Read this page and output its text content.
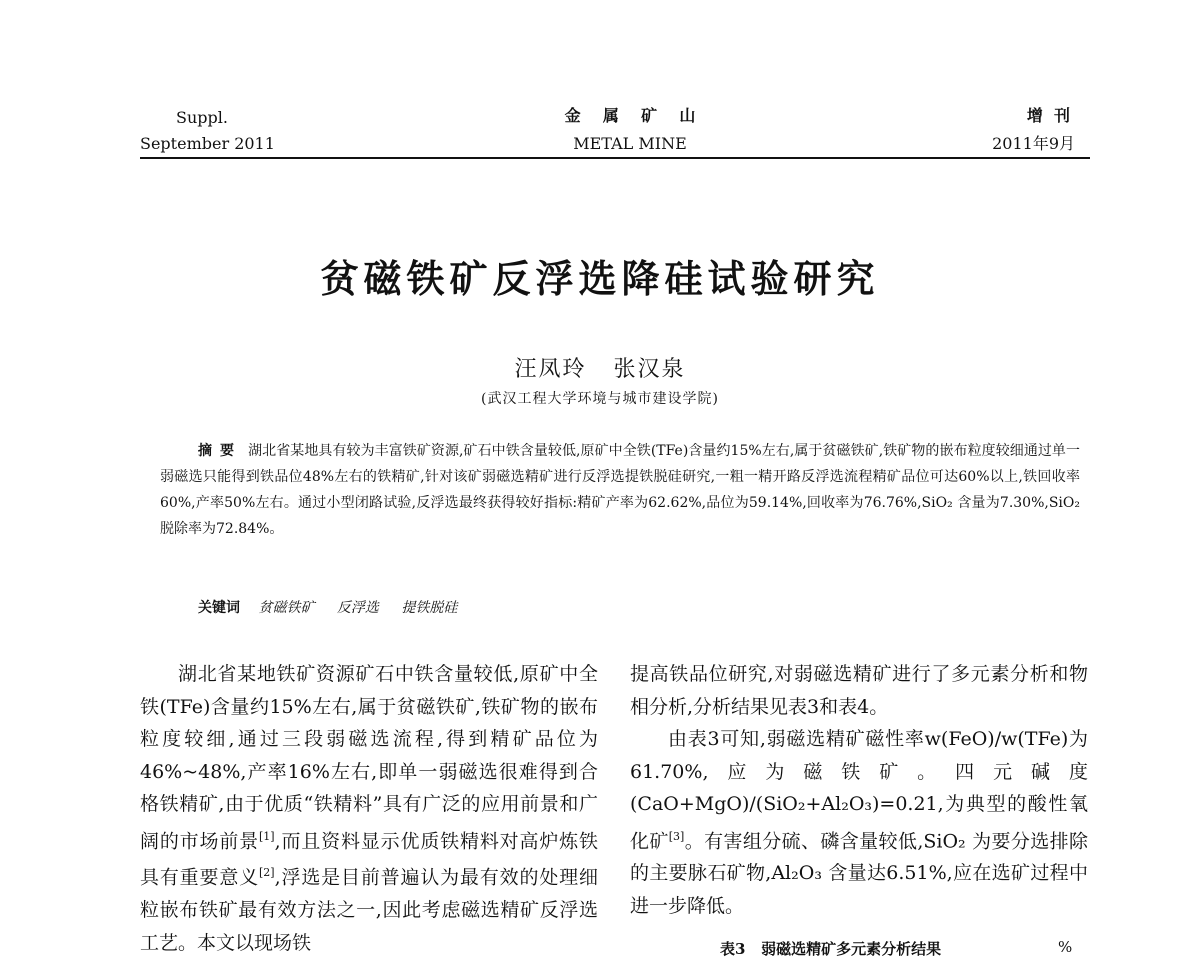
Suppl.
September 2011
金    属    矿    山
METAL MINE
增  刊
2011年9月
贫磁铁矿反浮选降硅试验研究
汪凤玲   张汉泉
(武汉工程大学环境与城市建设学院)
摘要 湖北省某地具有较为丰富铁矿资源,矿石中铁含量较低,原矿中全铁(TFe)含量约15%左右,属于贫磁铁矿,铁矿物的嵌布粒度较细通过单一弱磁选只能得到铁品位48%左右的铁精矿,针对该矿弱磁选精矿进行反浮选提铁脱硅研究,一粗一精开路反浮选流程精矿品位可达60%以上,铁回收率60%,产率50%左右。通过小型闭路试验,反浮选最终获得较好指标:精矿产率为62.62%,品位为59.14%,回收率为76.76%,SiO₂ 含量为7.30%,SiO₂ 脱除率为72.84%。
关键词 贫磁铁矿 反浮选 提铁脱硅
湖北省某地铁矿资源矿石中铁含量较低,原矿中全铁(TFe)含量约15%左右,属于贫磁铁矿,铁矿物的嵌布粒度较细,通过三段弱磁选流程,得到精矿品位为46%~48%,产率16%左右,即单一弱磁选很难得到合格铁精矿,由于优质“铁精料”具有广泛的应用前景和广阔的市场前景[1],而且资料显示优质铁精料对高炉炼铁具有重要意义[2],浮选是目前普遍认为最有效的处理细粒嵌布铁矿最有效方法之一,因此考虑磁选精矿反浮选工艺。本文以现场铁
提高铁品位研究,对弱磁选精矿进行了多元素分析和物相分析,分析结果见表3和表4。
由表3可知,弱磁选精矿磁性率w(FeO)/w(TFe)为61.70%,应为磁铁矿。四元碱度(CaO+MgO)/(SiO₂+Al₂O₃)=0.21,为典型的酸性氧化矿[3]。有害组分硫、磷含量较低,SiO₂ 为要分选排除的主要脉石矿物,Al₂O₃ 含量达6.51%,应在选矿过程中进一步降低。
表3   弱磁选精矿多元素分析结果	%
